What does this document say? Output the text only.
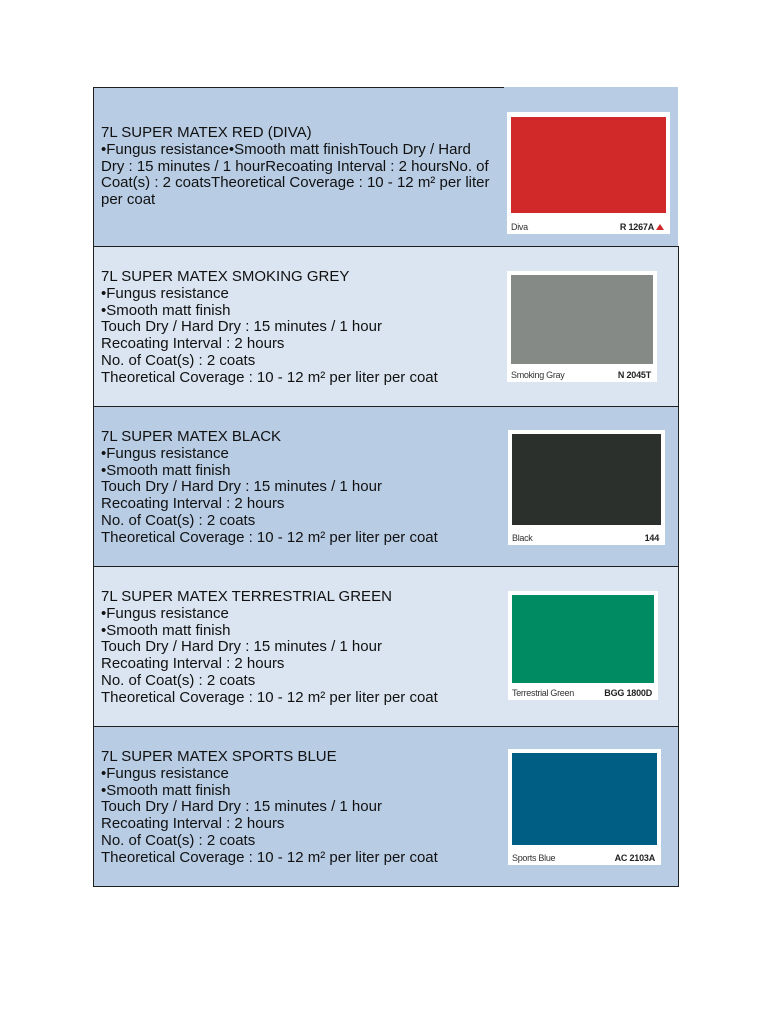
7L SUPER MATEX RED (DIVA)
•Fungus resistance•Smooth matt finishTouch Dry / Hard Dry : 15 minutes / 1 hourRecoating Interval : 2 hoursNo. of Coat(s) : 2 coatsTheoretical Coverage : 10 - 12 m² per liter per coat
Diva	R 1267A
7L SUPER MATEX SMOKING GREY
•Fungus resistance
•Smooth matt finish
Touch Dry / Hard Dry : 15 minutes / 1 hour
Recoating Interval : 2 hours
No. of Coat(s) : 2 coats
Theoretical Coverage : 10 - 12 m² per liter per coat	Smoking Gray	N 2045T
7L SUPER MATEX BLACK
•Fungus resistance
•Smooth matt finish
Touch Dry / Hard Dry : 15 minutes / 1 hour
Recoating Interval : 2 hours
No. of Coat(s) : 2 coats
Theoretical Coverage : 10 - 12 m² per liter per coat	Black	144
7L SUPER MATEX TERRESTRIAL GREEN
•Fungus resistance
•Smooth matt finish
Touch Dry / Hard Dry : 15 minutes / 1 hour
Recoating Interval : 2 hours
No. of Coat(s) : 2 coats
Theoretical Coverage : 10 - 12 m² per liter per coat	Terrestrial Green	BGG 1800D
7L SUPER MATEX SPORTS BLUE
•Fungus resistance
•Smooth matt finish
Touch Dry / Hard Dry : 15 minutes / 1 hour
Recoating Interval : 2 hours
No. of Coat(s) : 2 coats
Theoretical Coverage : 10 - 12 m² per liter per coat	Sports Blue	AC 2103A
